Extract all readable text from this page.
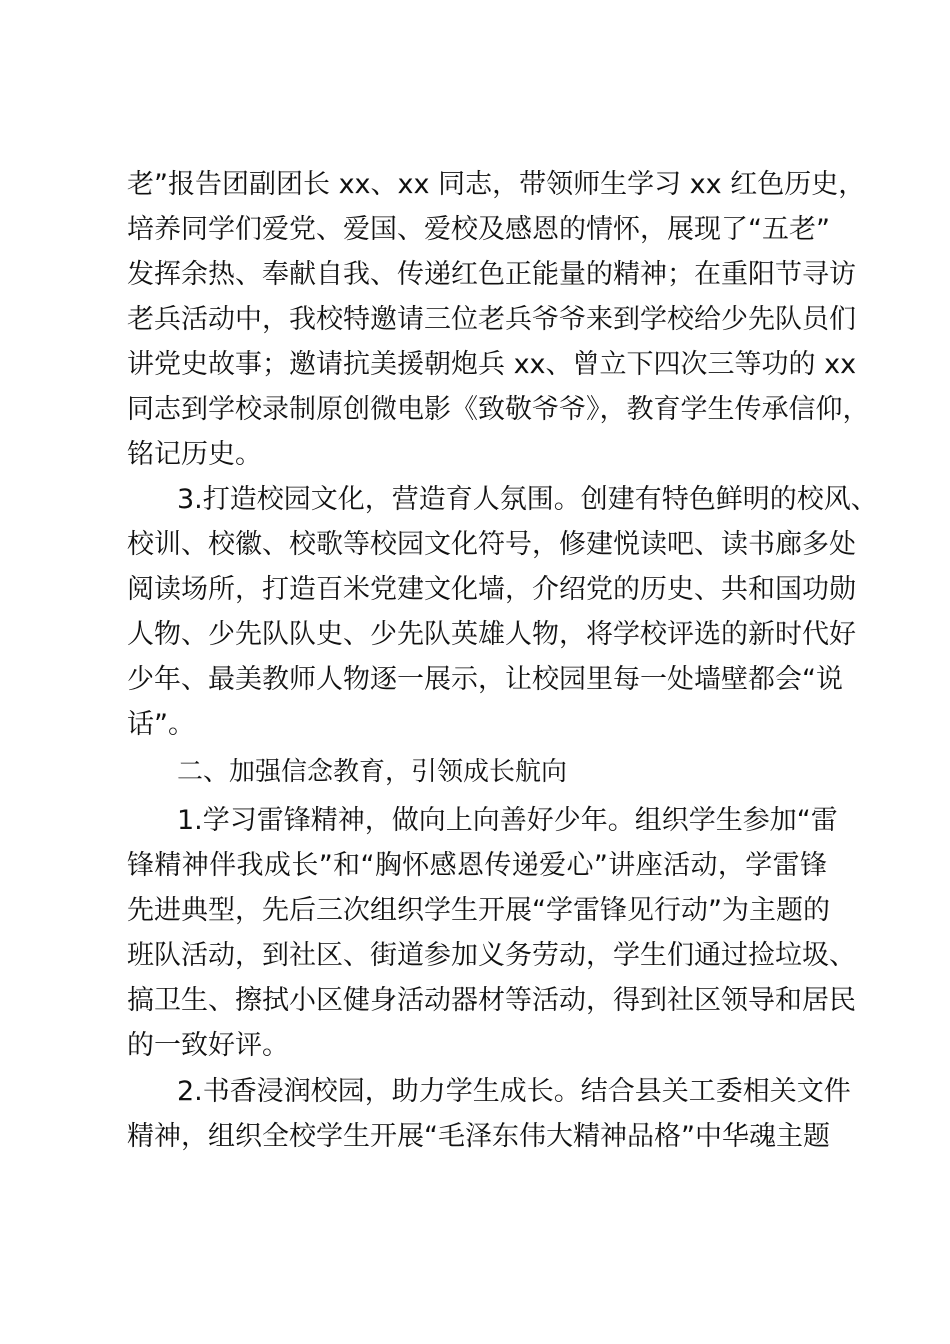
老”报告团副团长 xx、xx 同志，带领师生学习 xx 红色历史，
培养同学们爱党、爱国、爱校及感恩的情怀，展现了“五老”
发挥余热、奉献自我、传递红色正能量的精神；在重阳节寻访
老兵活动中，我校特邀请三位老兵爷爷来到学校给少先队员们
讲党史故事；邀请抗美援朝炮兵 xx、曾立下四次三等功的 xx
同志到学校录制原创微电影《致敬爷爷》，教育学生传承信仰，
铭记历史。
3.打造校园文化，营造育人氛围。创建有特色鲜明的校风、
校训、校徽、校歌等校园文化符号，修建悦读吧、读书廊多处
阅读场所，打造百米党建文化墙，介绍党的历史、共和国功勋
人物、少先队队史、少先队英雄人物，将学校评选的新时代好
少年、最美教师人物逐一展示，让校园里每一处墙壁都会“说
话”。
二、加强信念教育，引领成长航向
1.学习雷锋精神，做向上向善好少年。组织学生参加“雷
锋精神伴我成长”和“胸怀感恩传递爱心”讲座活动，学雷锋
先进典型，先后三次组织学生开展“学雷锋见行动”为主题的
班队活动，到社区、街道参加义务劳动，学生们通过捡垃圾、
搞卫生、擦拭小区健身活动器材等活动，得到社区领导和居民
的一致好评。
2.书香浸润校园，助力学生成长。结合县关工委相关文件
精神，组织全校学生开展“毛泽东伟大精神品格”中华魂主题
